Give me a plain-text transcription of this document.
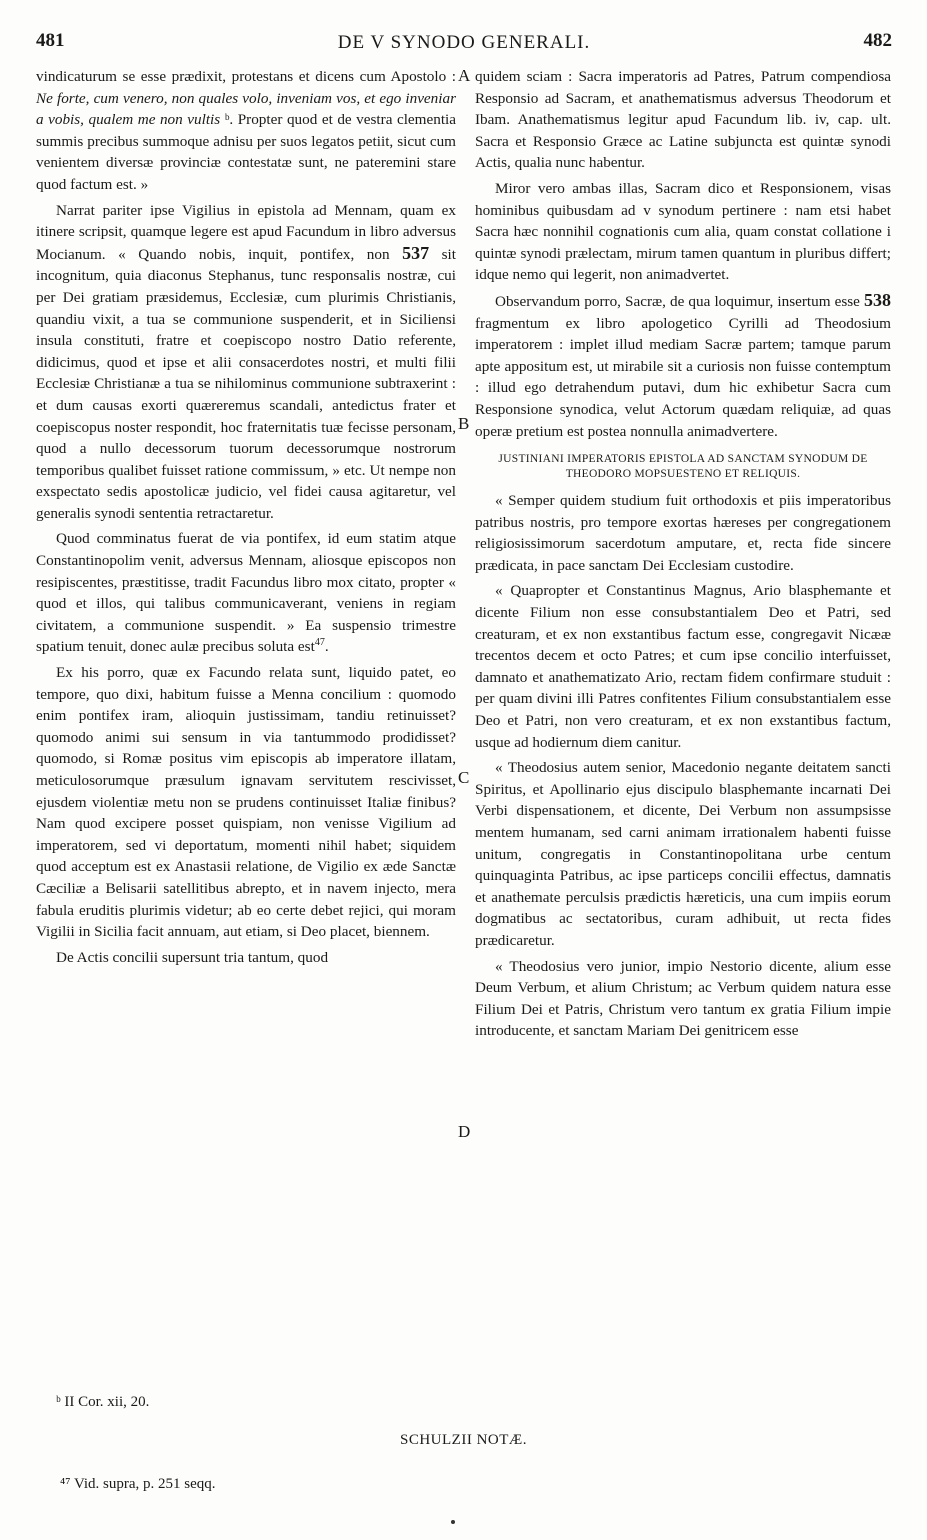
481	DE V SYNODO GENERALI.	482
A
B
C
D

vindicaturum se esse prædixit, protestans et dicens cum Apostolo : Ne forte, cum venero, non quales volo, inveniam vos, et ego inveniar a vobis, qualem me non vultis ᵇ. Propter quod et de vestra clementia summis precibus summoque adnisu per suos legatos petiit, sicut cum venientem diversæ provinciæ contestatæ sunt, ne pateremini stare quod factum est. »

Narrat pariter ipse Vigilius in epistola ad Mennam, quam ex itinere scripsit, quamque legere est apud Facundum in libro adversus Mocianum. « Quando nobis, inquit, pontifex, non 537 sit incognitum, quia diaconus Stephanus, tunc responsalis nostræ, cui per Dei gratiam præsidemus, Ecclesiæ, cum plurimis Christianis, quandiu vixit, a tua se communione suspenderit, et in Siciliensi insula constituti, fratre et coepiscopo nostro Datio referente, didicimus, quod et ipse et alii consacerdotes nostri, et multi filii Ecclesiæ Christianæ a tua se nihilominus communione subtraxerint : et dum causas exorti quæreremus scandali, antedictus frater et coepiscopus noster respondit, hoc fraternitatis tuæ fecisse personam, quod a nullo decessorum tuorum decessorumque nostrorum temporibus qualibet fuisset ratione commissum, » etc. Ut nempe non exspectato sedis apostolicæ judicio, vel fidei causa agitaretur, vel generalis synodi sententia retractaretur.

Quod comminatus fuerat de via pontifex, id eum statim atque Constantinopolim venit, adversus Mennam, aliosque episcopos non resipiscentes, præstitisse, tradit Facundus libro mox citato, propter « quod et illos, qui talibus communicaverant, veniens in regiam civitatem, a communione suspendit. » Ea suspensio trimestre spatium tenuit, donec aulæ precibus soluta est$^{47}$.

Ex his porro, quæ ex Facundo relata sunt, liquido patet, eo tempore, quo dixi, habitum fuisse a Menna concilium : quomodo enim pontifex iram, alioquin justissimam, tandiu retinuisset? quomodo animi sui sensum in via tantummodo prodidisset? quomodo, si Romæ positus vim episcopis ab imperatore illatam, meticulosorumque præsulum ignavam servitutem rescivisset, ejusdem violentiæ metu non se prudens continuisset Italiæ finibus? Nam quod excipere posset quispiam, non venisse Vigilium ad imperatorem, sed vi deportatum, momenti nihil habet; siquidem quod acceptum est ex Anastasii relatione, de Vigilio ex æde Sanctæ Cæciliæ a Belisarii satellitibus abrepto, et in navem injecto, mera fabula eruditis plurimis videtur; ab eo certe debet rejici, qui moram Vigilii in Sicilia facit annuam, aut etiam, si Deo placet, biennem.

De Actis concilii supersunt tria tantum, quod

quidem sciam : Sacra imperatoris ad Patres, Patrum compendiosa Responsio ad Sacram, et anathematismus adversus Theodorum et Ibam. Anathematismus legitur apud Facundum lib. iv, cap. ult. Sacra et Responsio Græce ac Latine subjuncta est quintæ synodi Actis, qualia nunc habentur.

Miror vero ambas illas, Sacram dico et Responsionem, visas hominibus quibusdam ad v synodum pertinere : nam etsi habet Sacra hæc nonnihil cognationis cum alia, quam constat collatione i quintæ synodi prælectam, mirum tamen quantum in pluribus differt; idque nemo qui legerit, non animadvertet.

Observandum porro, Sacræ, de qua loquimur, insertum esse 538 fragmentum ex libro apologetico Cyrilli ad Theodosium imperatorem : implet illud mediam Sacræ partem; tamque parum apte appositum est, ut mirabile sit a curiosis non fuisse contemptum : illud ego detrahendum putavi, dum hic exhibetur Sacra cum Responsione synodica, velut Actorum quædam reliquiæ, ad quas operæ pretium est postea nonnulla animadvertere.

JUSTINIANI IMPERATORIS EPISTOLA AD SANCTAM SYNODUM DE THEODORO MOPSUESTENO ET RELIQUIS.

« Semper quidem studium fuit orthodoxis et piis imperatoribus patribus nostris, pro tempore exortas hæreses per congregationem religiosissimorum sacerdotum amputare, et, recta fide sincere prædicata, in pace sanctam Dei Ecclesiam custodire.

« Quapropter et Constantinus Magnus, Ario blasphemante et dicente Filium non esse consubstantialem Deo et Patri, sed creaturam, et ex non exstantibus factum esse, congregavit Nicææ trecentos decem et octo Patres; et cum ipse concilio interfuisset, damnato et anathematizato Ario, rectam fidem confirmare studuit : per quam divini illi Patres confitentes Filium consubstantialem esse Deo et Patri, non vero creaturam, et ex non exstantibus factum, usque ad hodiernum diem canitur.

« Theodosius autem senior, Macedonio negante deitatem sancti Spiritus, et Apollinario ejus discipulo blasphemante incarnati Dei Verbi dispensationem, et dicente, Dei Verbum non assumpsisse mentem humanam, sed carni animam irrationalem habenti fuisse unitum, congregatis in Constantinopolitana urbe centum quinquaginta Patribus, ac ipse particeps concilii effectus, damnatis et anathemate perculsis prædictis hæreticis, una cum impiis eorum dogmatibus ac sectatoribus, curam adhibuit, ut recta fides prædicaretur.

« Theodosius vero junior, impio Nestorio dicente, alium esse Deum Verbum, et alium Christum; ac Verbum quidem natura esse Filium Dei et Patris, Christum vero tantum ex gratia Filium impie introducente, et sanctam Mariam Dei genitricem esse

ᵇ II Cor. xii, 20.
SCHULZII NOTÆ.
⁴⁷ Vid. supra, p. 251 seqq.
